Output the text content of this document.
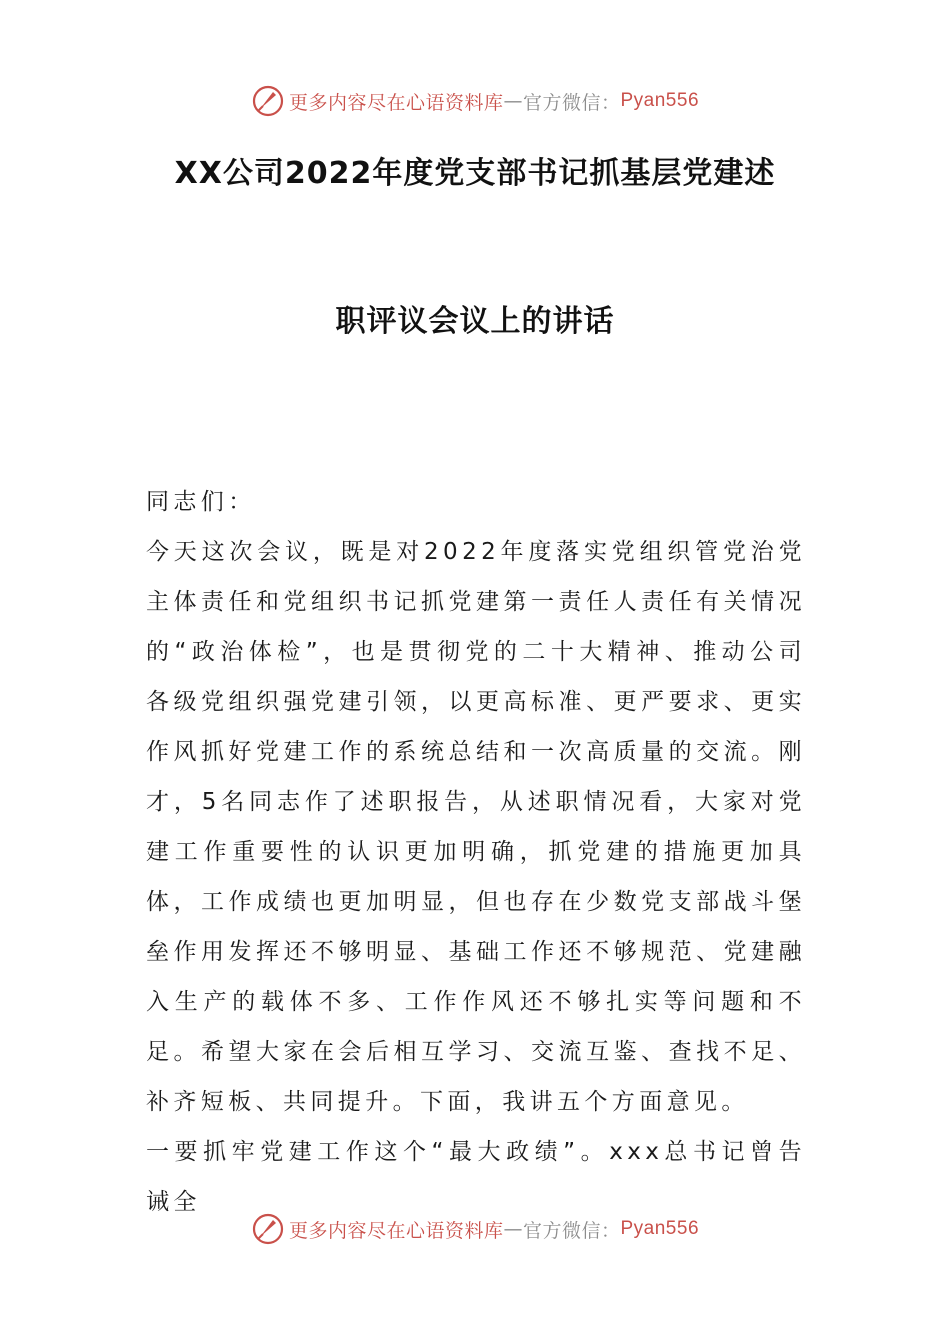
更多内容尽在心语资料库 — 官方微信： Pyan556
XX公司2022年度党支部书记抓基层党建述
职评议会议上的讲话

同志们：

今天这次会议，既是对2022年度落实党组织管党治党主体责任和党组织书记抓党建第一责任人责任有关情况的“政治体检”，也是贯彻党的二十大精神、推动公司各级党组织强党建引领，以更高标准、更严要求、更实作风抓好党建工作的系统总结和一次高质量的交流。刚才，5名同志作了述职报告，从述职情况看，大家对党建工作重要性的认识更加明确，抓党建的措施更加具体，工作成绩也更加明显，但也存在少数党支部战斗堡垒作用发挥还不够明显、基础工作还不够规范、党建融入生产的载体不多、工作作风还不够扎实等问题和不足。希望大家在会后相互学习、交流互鉴、查找不足、补齐短板、共同提升。下面，我讲五个方面意见。

一要抓牢党建工作这个“最大政绩”。xxx总书记曾告诫全

更多内容尽在心语资料库 — 官方微信： Pyan556
